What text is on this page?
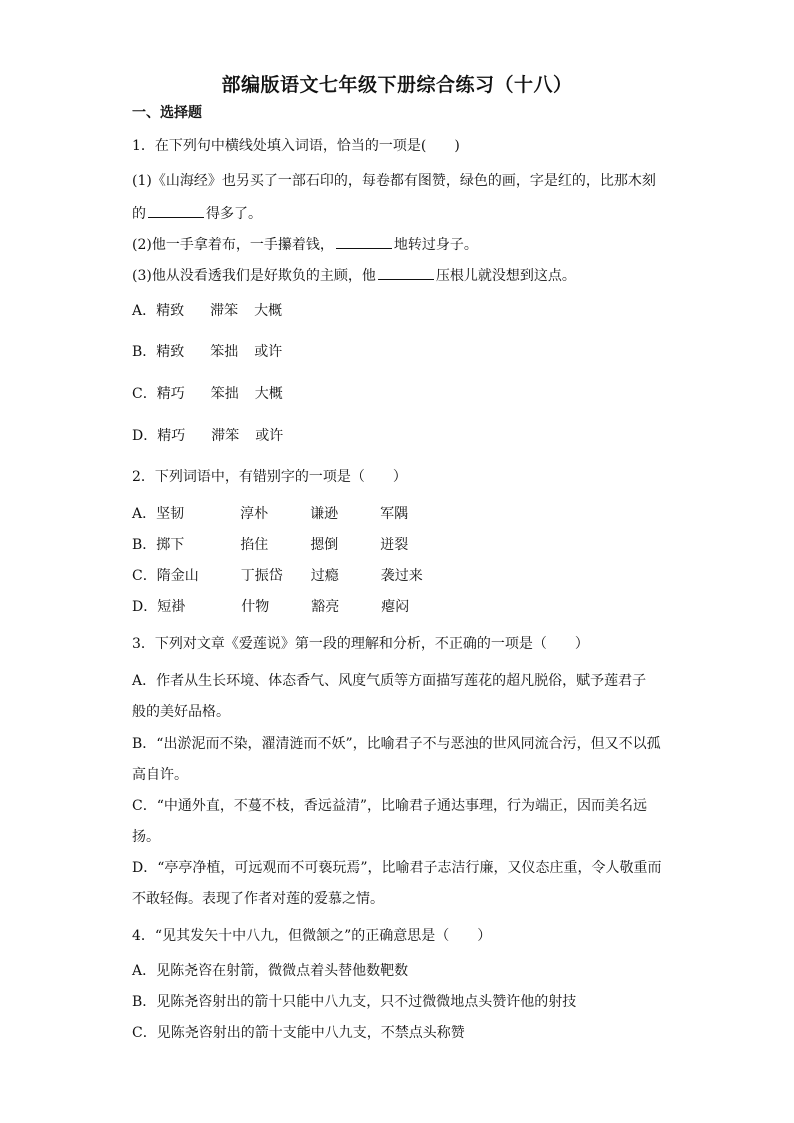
部编版语文七年级下册综合练习（十八）
一、选择题
1．在下列句中横线处填入词语，恰当的一项是(　　)
(1)《山海经》也另买了一部石印的，每卷都有图赞，绿色的画，字是红的，比那木刻
的	得多了。
(2)他一手拿着布，一手攥着钱，	地转过身子。
(3)他从没看透我们是好欺负的主顾，他	压根儿就没想到这点。
A．精致 滞笨 大概
B．精致 笨拙 或许
C．精巧 笨拙 大概
D．精巧 滞笨 或许
2．下列词语中，有错别字的一项是（　　）
A．坚韧	淳朴	谦逊	军隅
B．掷下	掐住	摁倒	迸裂
C．隋金山	丁振岱 过瘾	袭过来
D．短褂	什物	豁亮	瘪闷
3．下列对文章《爱莲说》第一段的理解和分析，不正确的一项是（　　）
A．作者从生长环境、体态香气、风度气质等方面描写莲花的超凡脱俗，赋予莲君子
般的美好品格。
B．“出淤泥而不染，濯清涟而不妖”，比喻君子不与恶浊的世风同流合污，但又不以孤
高自许。
C．“中通外直，不蔓不枝，香远益清”，比喻君子通达事理，行为端正，因而美名远
扬。
D．“亭亭净植，可远观而不可亵玩焉”，比喻君子志洁行廉，又仪态庄重，令人敬重而
不敢轻侮。表现了作者对莲的爱慕之情。
4．“见其发矢十中八九，但微颔之”的正确意思是（　　）
A．见陈尧咨在射箭，微微点着头替他数靶数
B．见陈尧咨射出的箭十只能中八九支，只不过微微地点头赞许他的射技
C．见陈尧咨射出的箭十支能中八九支，不禁点头称赞
